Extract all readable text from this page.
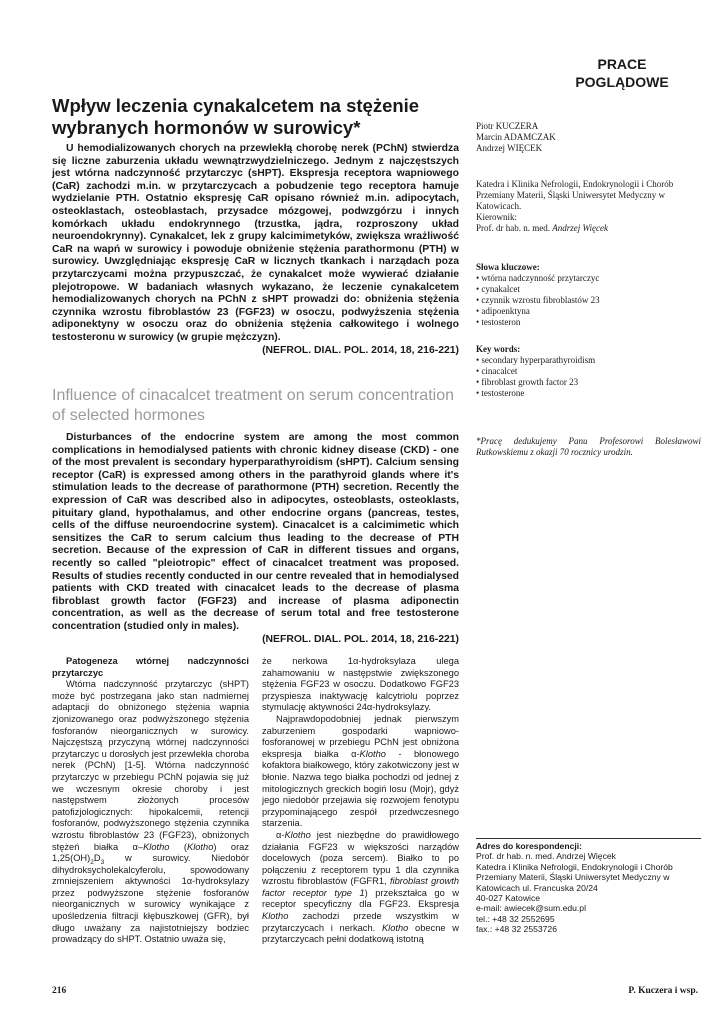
PRACE
POGLĄDOWE
Wpływ leczenia cynakalcetem na stężenie wybranych hormonów w surowicy*
U hemodializowanych chorych na przewlekłą chorobę nerek (PChN) stwierdza się liczne zaburzenia układu wewnątrzwydzielniczego. Jednym z najczęstszych jest wtórna nadczynność przytarczyc (sHPT). Ekspresja receptora wapniowego (CaR) zachodzi m.in. w przytarczycach a pobudzenie tego receptora hamuje wydzielanie PTH. Ostatnio ekspresję CaR opisano również m.in. adipocytach, osteoklastach, osteoblastach, przysadce mózgowej, podwzgórzu i innych komórkach układu endokrynnego (trzustka, jądra, rozproszony układ neuroendokrynny). Cynakalcet, lek z grupy kalcimimetyków, zwiększa wrażliwość CaR na wapń w surowicy i powoduje obniżenie stężenia parathormonu (PTH) w surowicy. Uwzględniając ekspresję CaR w licznych tkankach i narządach poza przytarczycami można przypuszczać, że cynakalcet może wywierać działanie plejotropowe. W badaniach własnych wykazano, że leczenie cynakalcetem hemodializowanych chorych na PChN z sHPT prowadzi do: obniżenia stężenia czynnika wzrostu fibroblastów 23 (FGF23) w osoczu, podwyższenia stężenia adiponektyny w osoczu oraz do obniżenia stężenia całkowitego i wolnego testosteronu w surowicy (w grupie mężczyzn).
(NEFROL. DIAL. POL. 2014, 18, 216-221)
Influence of cinacalcet treatment on serum concentration of selected hormones
Disturbances of the endocrine system are among the most common complications in hemodialysed patients with chronic kidney disease (CKD) - one of the most prevalent is secondary hyperparathyroidism (sHPT). Calcium sensing receptor (CaR) is expressed among others in the parathyroid glands where it's stimulation leads to the decrease of parathormone (PTH) secretion. Recently the expression of CaR was described also in adipocytes, osteoblasts, osteoklasts, pituitary gland, hypothalamus, and other endocrine organs (pancreas, testes, cells of the diffuse neuroendocrine system). Cinacalcet is a calcimimetic which sensitizes the CaR to serum calcium thus leading to the decrease of PTH secretion. Because of the expression of CaR in different tissues and organs, recently so called "pleiotropic" effect of cinacalcet treatment was proposed. Results of studies recently conducted in our centre revealed that in hemodialysed patients with CKD treated with cinacalcet leads to the decrease of plasma fibroblast growth factor (FGF23) and increase of plasma adiponectin concentration, as well as the decrease of serum total and free testosterone concentration (studied only in males).
(NEFROL. DIAL. POL. 2014, 18, 216-221)

Patogeneza wtórnej nadczynności przytarczyc

Wtórna nadczynność przytarczyc (sHPT) może być postrzegana jako stan nadmiernej adaptacji do obniżonego stężenia wapnia zjonizowanego oraz podwyższonego stężenia fosforanów nieorganicznych w surowicy. Najczęstszą przyczyną wtórnej nadczynności przytarczyc u dorosłych jest przewlekła choroba nerek (PChN) [1-5]. Wtórna nadczynność przytarczyc w przebiegu PChN pojawia się już we wczesnym okresie choroby i jest następstwem złożonych procesów patofizjologicznych: hipokalcemii, retencji fosforanów, podwyższonego stężenia czynnika wzrostu fibroblastów 23 (FGF23), obniżonych stężeń białka α–Klotho (Klotho) oraz $1,25(OH)_2D_3$ w surowicy. Niedobór dihydroksycholekalcyferolu, spowodowany zmniejszeniem aktywności 1α-hydroksylazy przez podwyższone stężenie fosforanów nieorganicznych w surowicy wynikające z upośledzenia filtracji kłębuszkowej (GFR), był długo uważany za najistotniejszy bodziec prowadzący do sHPT. Ostatnio uważa się,

że nerkowa 1α-hydroksylaza ulega zahamowaniu w następstwie zwiększonego stężenia FGF23 w osoczu. Dodatkowo FGF23 przyspiesza inaktywację kalcytriolu poprzez stymulację aktywności 24α-hydroksylazy.

Najprawdopodobniej jednak pierwszym zaburzeniem gospodarki wapniowo-fosforanowej w przebiegu PChN jest obniżona ekspresja białka α-Klotho - błonowego kofaktora białkowego, który zakotwiczony jest w błonie. Nazwa tego białka pochodzi od jednej z mitologicznych greckich bogiń losu (Mojr), gdyż jego niedobór przejawia się rozwojem fenotypu przypominającego zespół przedwczesnego starzenia.

α-Klotho jest niezbędne do prawidłowego działania FGF23 w większości narządów docelowych (poza sercem). Białko to po połączeniu z receptorem typu 1 dla czynnika wzrostu fibroblastów (FGFR1, fibroblast growth factor receptor type 1) przekształca go w receptor specyficzny dla FGF23. Ekspresja Klotho zachodzi przede wszystkim w przytarczycach i nerkach. Klotho obecne w przytarczycach pełni dodatkową istotną

Piotr KUCZERA
Marcin ADAMCZAK
Andrzej WIĘCEK
Katedra i Klinika Nefrologii, Endokrynologii i Chorób Przemiany Materii, Śląski Uniwersytet Medyczny w Katowicach.
Kierownik:
Prof. dr hab. n. med. Andrzej Więcek
Słowa kluczowe:
• wtórna nadczynność przytarczyc
• cynakalcet
• czynnik wzrostu fibroblastów 23
• adipoenktyna
• testosteron
Key words:
• secondary hyperparathyroidism
• cinacalcet
• fibroblast growth factor 23
• testosterone
*Pracę dedukujemy Panu Profesorowi Bolesławowi Rutkowskiemu z okazji 70 rocznicy urodzin.
Adres do korespondencji:
Prof. dr hab. n. med. Andrzej Więcek
Katedra i Klinika Nefrologii, Endokrynologii i Chorób Przemiany Materii, Śląski Uniwersytet Medyczny w Katowicach ul. Francuska 20/24
40-027 Katowice
e-mail: awiecek@sum.edu.pl
tel.: +48 32 2552695
fax.: +48 32 2553726
216	P. Kuczera i wsp.
